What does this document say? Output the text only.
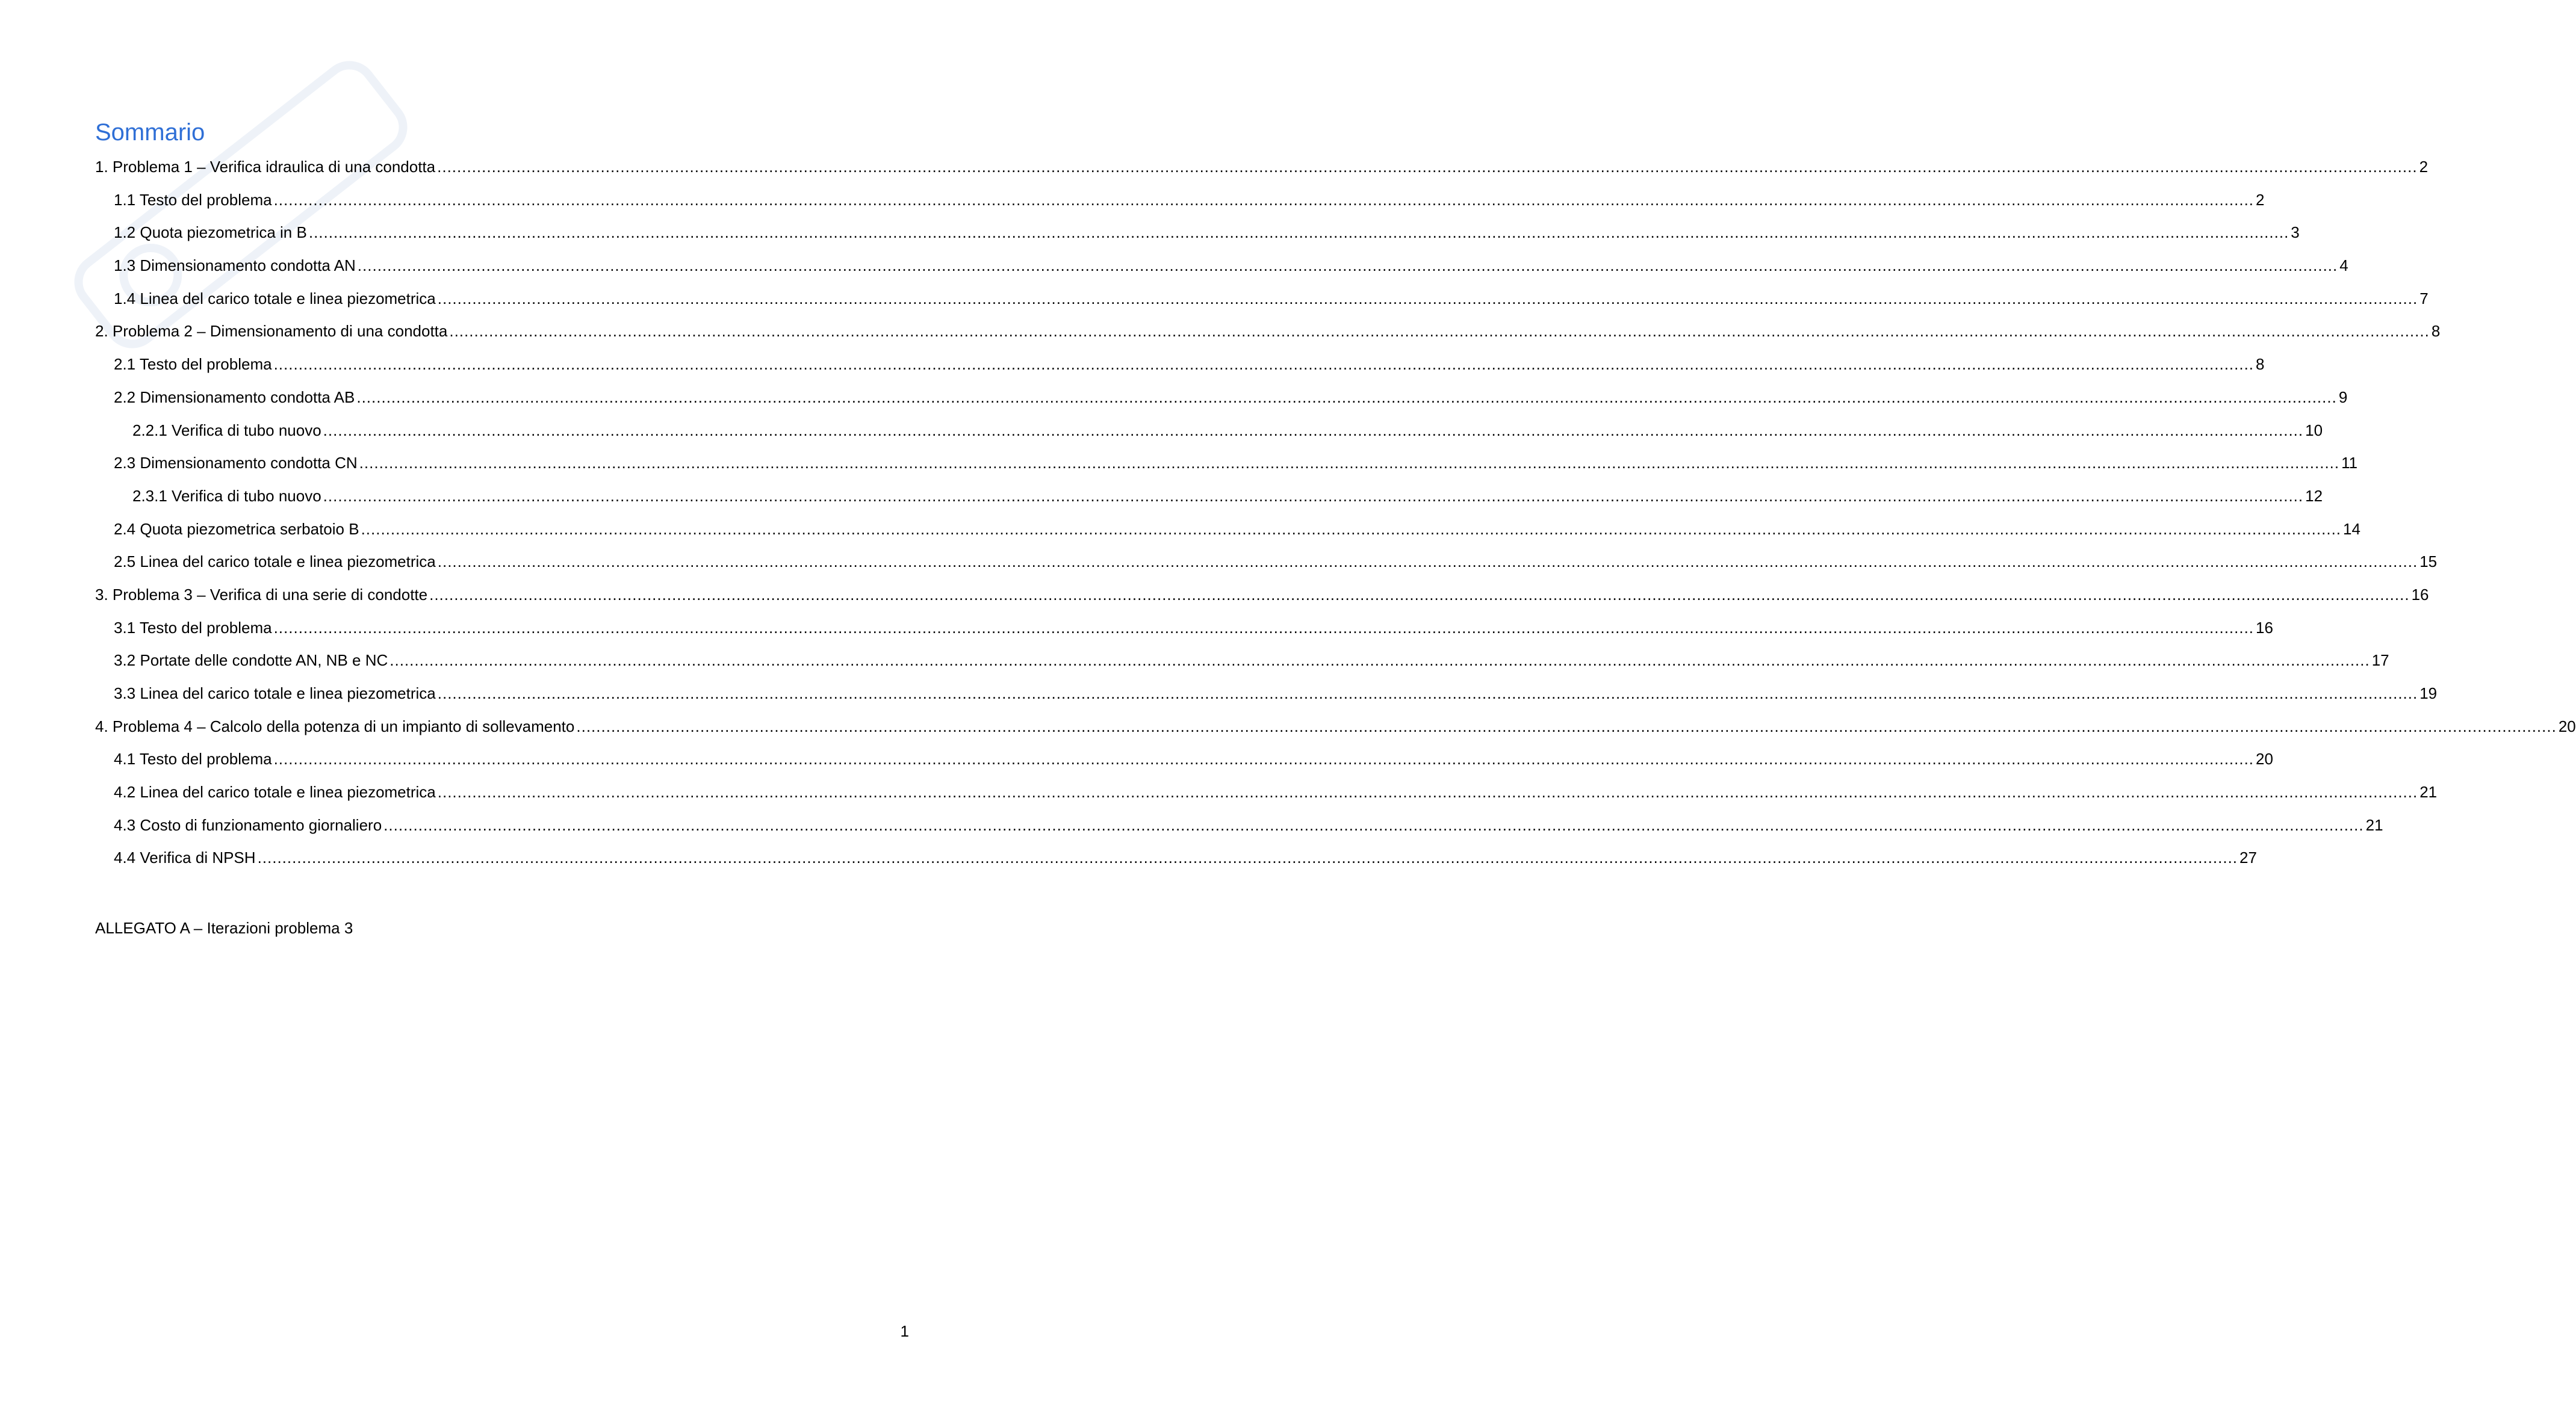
Sommario
1. Problema 1 – Verifica idraulica di una condotta ................................................................................................................................................................................................................................................................................................................................................................................................................ 2
1.1 Testo del problema ................................................................................................................................................................................................................................................................................................................................................................................................................ 2
1.2 Quota piezometrica in B ................................................................................................................................................................................................................................................................................................................................................................................................................ 3
1.3 Dimensionamento condotta AN ................................................................................................................................................................................................................................................................................................................................................................................................................ 4
1.4 Linea del carico totale e linea piezometrica ................................................................................................................................................................................................................................................................................................................................................................................................................ 7
2. Problema 2 – Dimensionamento di una condotta ................................................................................................................................................................................................................................................................................................................................................................................................................ 8
2.1 Testo del problema ................................................................................................................................................................................................................................................................................................................................................................................................................ 8
2.2 Dimensionamento condotta AB ................................................................................................................................................................................................................................................................................................................................................................................................................ 9
2.2.1 Verifica di tubo nuovo ................................................................................................................................................................................................................................................................................................................................................................................................................ 10
2.3 Dimensionamento condotta CN ................................................................................................................................................................................................................................................................................................................................................................................................................ 11
2.3.1 Verifica di tubo nuovo ................................................................................................................................................................................................................................................................................................................................................................................................................ 12
2.4 Quota piezometrica serbatoio B ................................................................................................................................................................................................................................................................................................................................................................................................................ 14
2.5 Linea del carico totale e linea piezometrica ................................................................................................................................................................................................................................................................................................................................................................................................................ 15
3. Problema 3 – Verifica di una serie di condotte ................................................................................................................................................................................................................................................................................................................................................................................................................ 16
3.1 Testo del problema ................................................................................................................................................................................................................................................................................................................................................................................................................ 16
3.2 Portate delle condotte AN, NB e NC ................................................................................................................................................................................................................................................................................................................................................................................................................ 17
3.3 Linea del carico totale e linea piezometrica ................................................................................................................................................................................................................................................................................................................................................................................................................ 19
4. Problema 4 – Calcolo della potenza di un impianto di sollevamento ................................................................................................................................................................................................................................................................................................................................................................................................................ 20
4.1 Testo del problema ................................................................................................................................................................................................................................................................................................................................................................................................................ 20
4.2 Linea del carico totale e linea piezometrica ................................................................................................................................................................................................................................................................................................................................................................................................................ 21
4.3 Costo di funzionamento giornaliero ................................................................................................................................................................................................................................................................................................................................................................................................................ 21
4.4 Verifica di NPSH ................................................................................................................................................................................................................................................................................................................................................................................................................ 27
ALLEGATO A – Iterazioni problema 3
1
